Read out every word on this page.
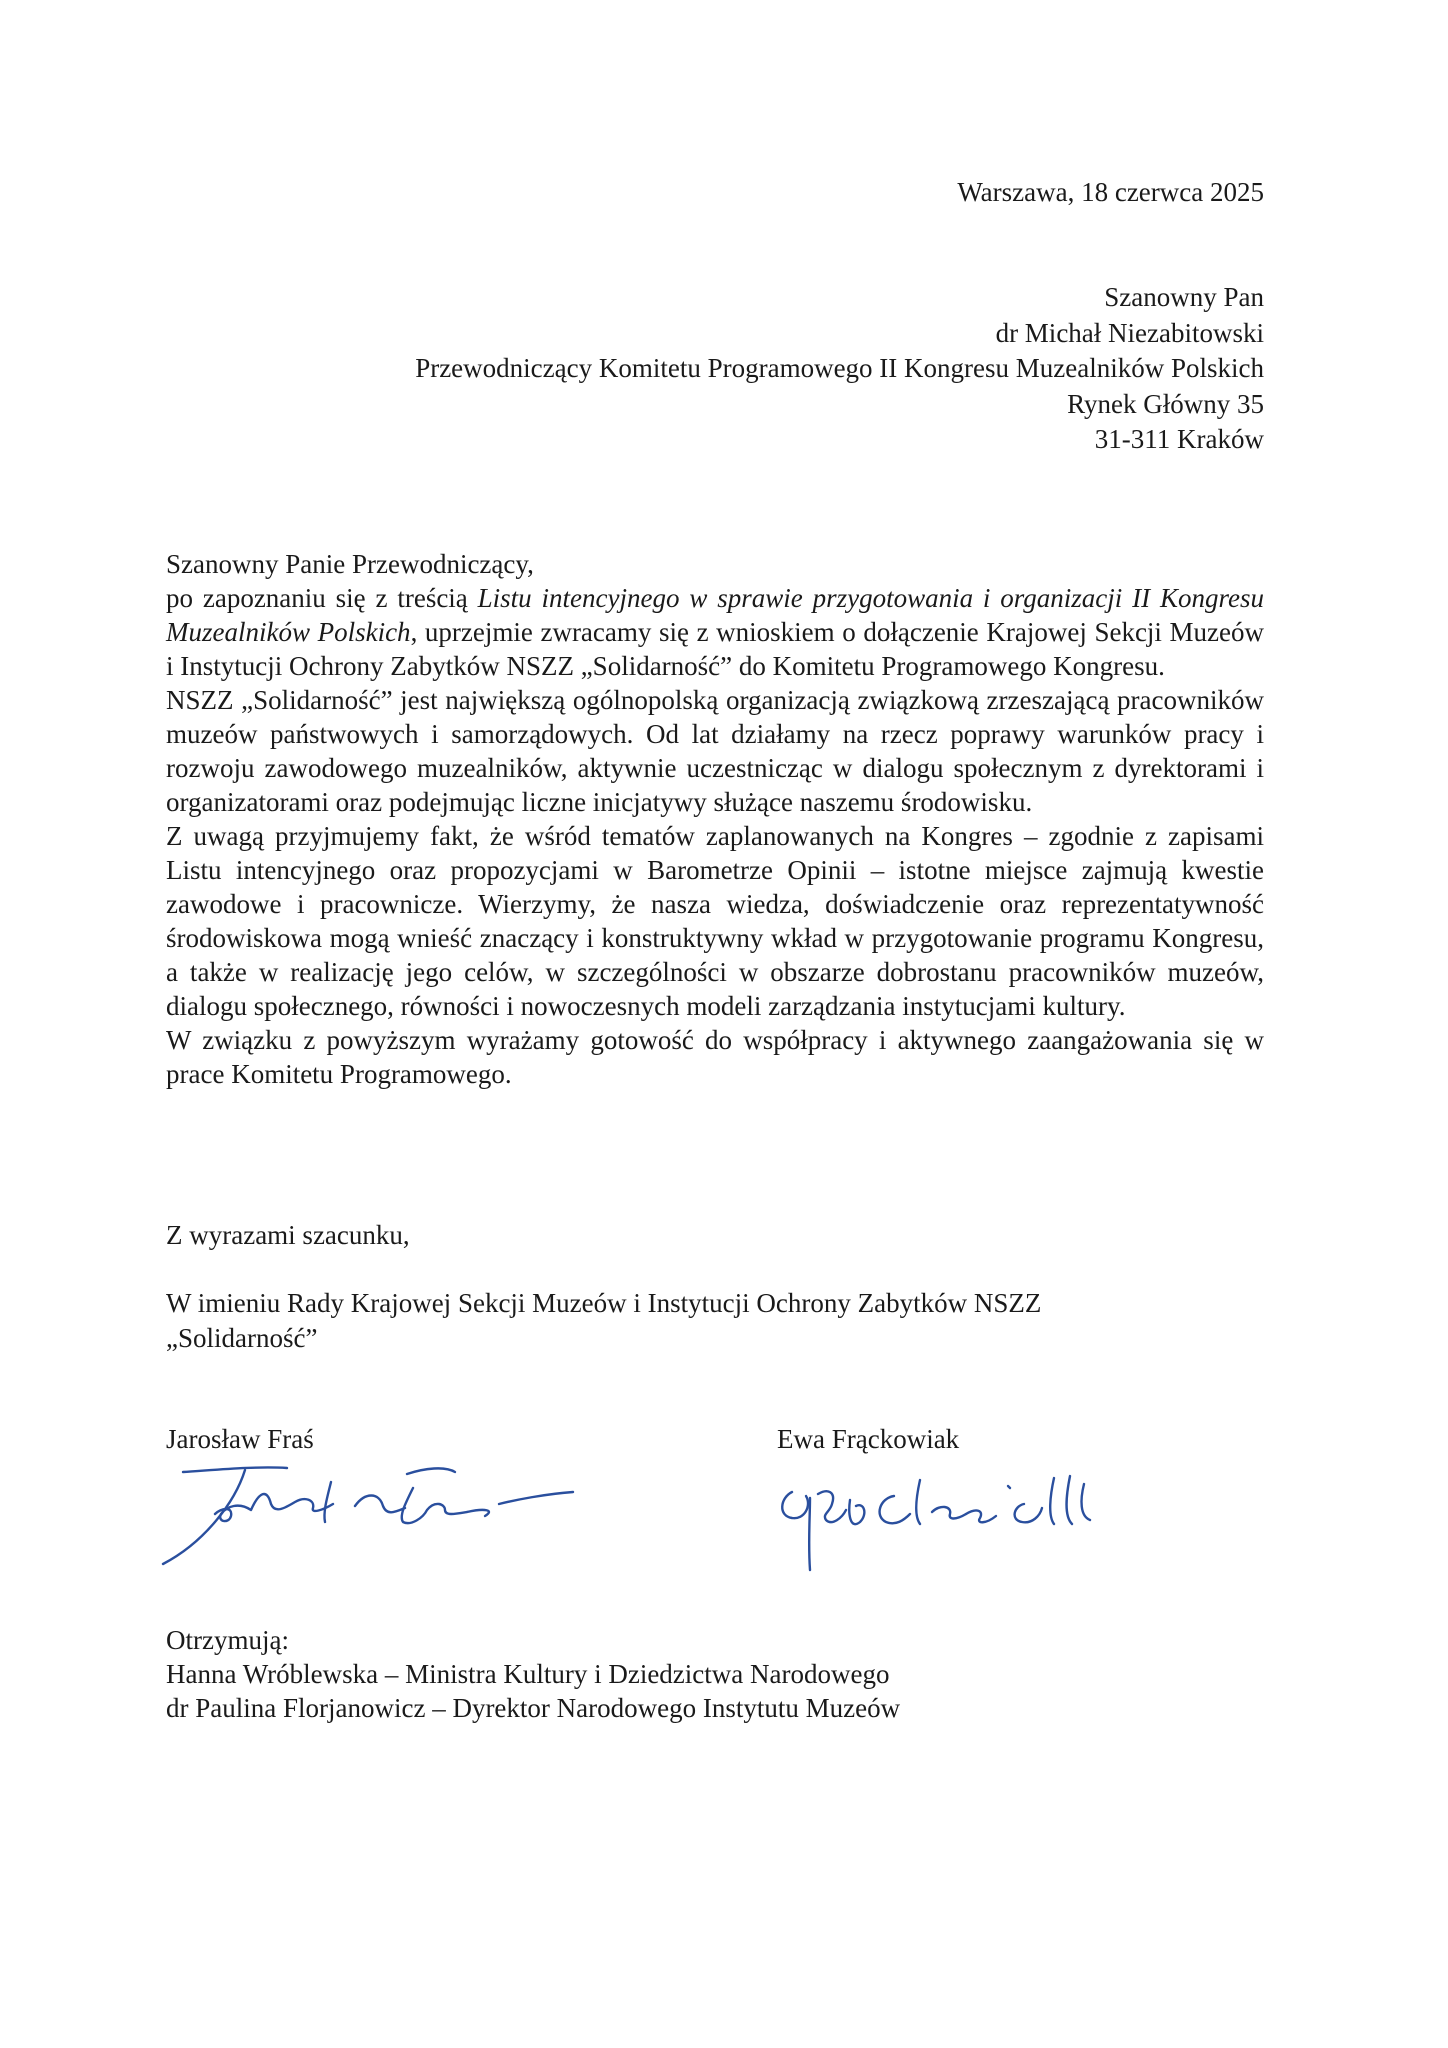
Warszawa, 18 czerwca 2025
Szanowny Pan
dr Michał Niezabitowski
Przewodniczący Komitetu Programowego II Kongresu Muzealników Polskich
Rynek Główny 35
31-311 Kraków

Szanowny Panie Przewodniczący,

po zapoznaniu się z treścią Listu intencyjnego w sprawie przygotowania i organizacji II Kongresu Muzealników Polskich, uprzejmie zwracamy się z wnioskiem o dołączenie Krajowej Sekcji Muzeów i Instytucji Ochrony Zabytków NSZZ „Solidarność” do Komitetu Programowego Kongresu.

NSZZ „Solidarność” jest największą ogólnopolską organizacją związkową zrzeszającą pracowników muzeów państwowych i samorządowych. Od lat działamy na rzecz poprawy warunków pracy i rozwoju zawodowego muzealników, aktywnie uczestnicząc w dialogu społecznym z dyrektorami i organizatorami oraz podejmując liczne inicjatywy służące naszemu środowisku.

Z uwagą przyjmujemy fakt, że wśród tematów zaplanowanych na Kongres – zgodnie z zapisami Listu intencyjnego oraz propozycjami w Barometrze Opinii – istotne miejsce zajmują kwestie zawodowe i pracownicze. Wierzymy, że nasza wiedza, doświadczenie oraz reprezentatywność środowiskowa mogą wnieść znaczący i konstruktywny wkład w przygotowanie programu Kongresu, a także w realizację jego celów, w szczególności w obszarze dobrostanu pracowników muzeów, dialogu społecznego, równości i nowoczesnych modeli zarządzania instytucjami kultury.

W związku z powyższym wyrażamy gotowość do współpracy i aktywnego zaangażowania się w prace Komitetu Programowego.

Z wyrazami szacunku,
W imieniu Rady Krajowej Sekcji Muzeów i Instytucji Ochrony Zabytków NSZZ
„Solidarność”
Jarosław Fraś	Ewa Frąckowiak
Otrzymują:
Hanna Wróblewska – Ministra Kultury i Dziedzictwa Narodowego
dr Paulina Florjanowicz – Dyrektor Narodowego Instytutu Muzeów
